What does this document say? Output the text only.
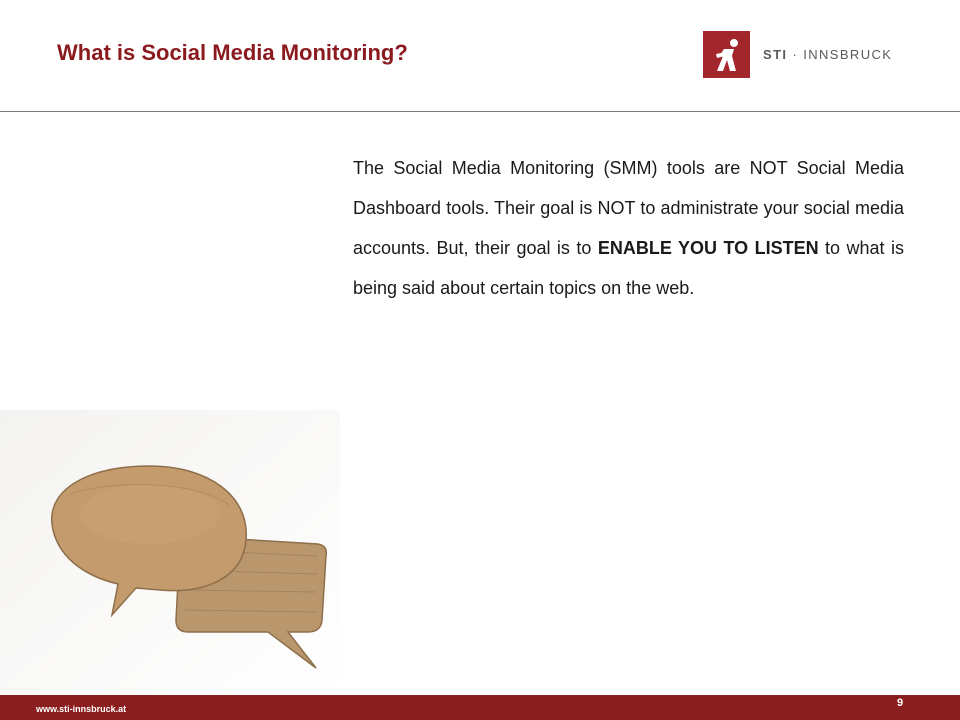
What is Social Media Monitoring?	STI · INNSBRUCK
The Social Media Monitoring (SMM) tools are NOT Social Media Dashboard tools. Their goal is NOT to administrate your social media accounts. But, their goal is to ENABLE YOU TO LISTEN to what is being said about certain topics on the web.
www.sti-innsbruck.at	9
